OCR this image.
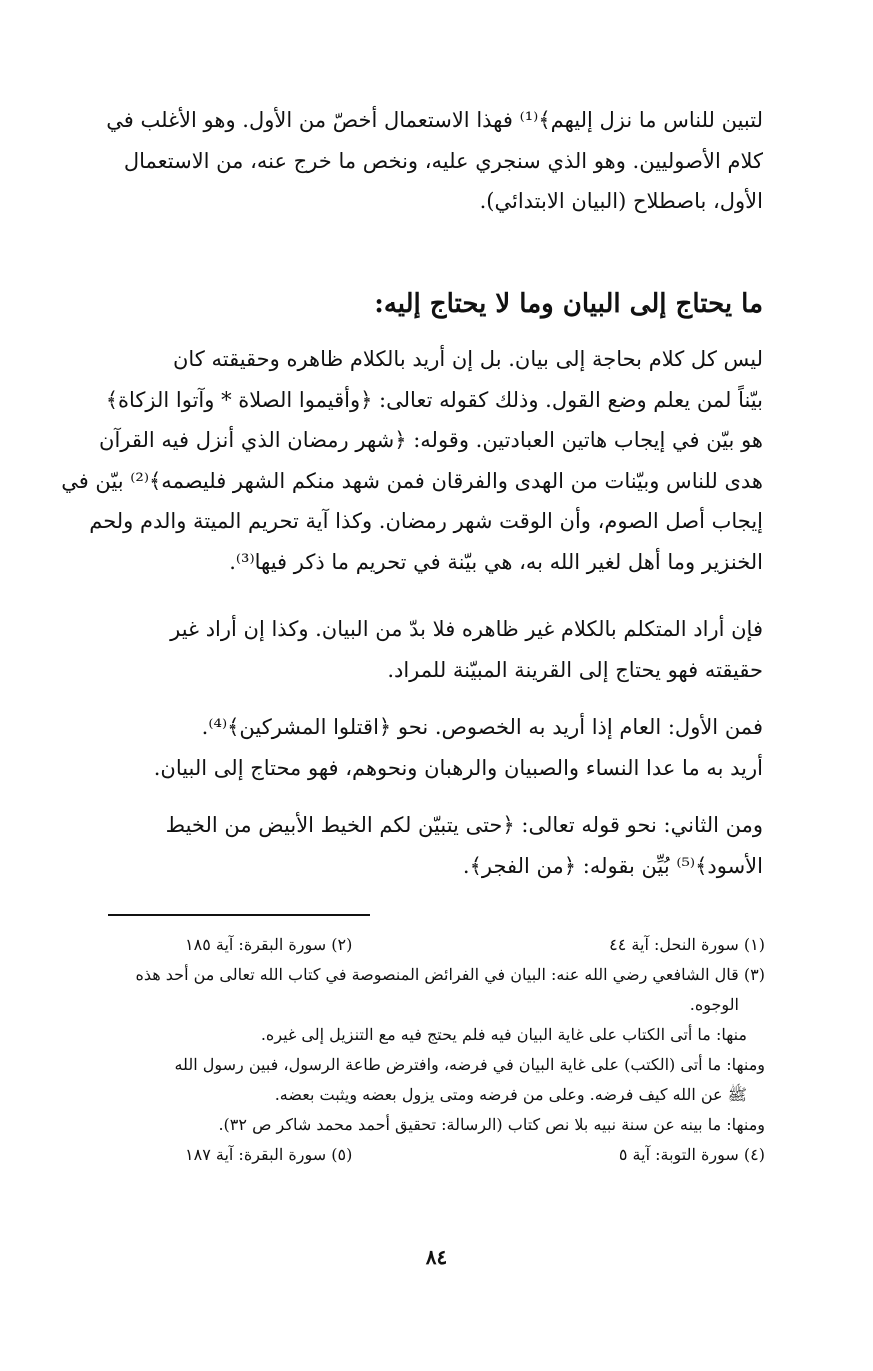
لتبين للناس ما نزل إليهم﴾⁽¹⁾ فهذا الاستعمال أخصّ من الأول. وهو الأغلب في
كلام الأصوليين. وهو الذي سنجري عليه، ونخص ما خرج عنه، من الاستعمال
الأول، باصطلاح (البيان الابتدائي).
ما يحتاج إلى البيان وما لا يحتاج إليه:
ليس كل كلام بحاجة إلى بيان. بل إن أريد بالكلام ظاهره وحقيقته كان
بيّناً لمن يعلم وضع القول. وذلك كقوله تعالى: ﴿وأقيموا الصلاة * وآتوا الزكاة﴾
هو بيّن في إيجاب هاتين العبادتين. وقوله: ﴿شهر رمضان الذي أنزل فيه القرآن
هدى للناس وبيّنات من الهدى والفرقان فمن شهد منكم الشهر فليصمه﴾⁽²⁾ بيّن في
إيجاب أصل الصوم، وأن الوقت شهر رمضان. وكذا آية تحريم الميتة والدم ولحم
الخنزير وما أهل لغير الله به، هي بيّنة في تحريم ما ذكر فيها⁽³⁾.
فإن أراد المتكلم بالكلام غير ظاهره فلا بدّ من البيان. وكذا إن أراد غير
حقيقته فهو يحتاج إلى القرينة المبيّنة للمراد.
فمن الأول: العام إذا أريد به الخصوص. نحو ﴿اقتلوا المشركين﴾⁽⁴⁾.
أريد به ما عدا النساء والصبيان والرهبان ونحوهم، فهو محتاج إلى البيان.
ومن الثاني: نحو قوله تعالى: ﴿حتى يتبيّن لكم الخيط الأبيض من الخيط
الأسود﴾⁽⁵⁾ بُيِّن بقوله: ﴿من الفجر﴾.
(١) سورة النحل: آية ٤٤
(٢) سورة البقرة: آية ١٨٥
(٣) قال الشافعي رضي الله عنه: البيان في الفرائض المنصوصة في كتاب الله تعالى من أحد هذه
الوجوه.
منها: ما أتى الكتاب على غاية البيان فيه فلم يحتج فيه مع التنزيل إلى غيره.
ومنها: ما أتى (الكتب) على غاية البيان في فرضه، وافترض طاعة الرسول، فبين رسول الله
ﷺ عن الله كيف فرضه. وعلى من فرضه ومتى يزول بعضه ويثبت بعضه.
ومنها: ما بينه عن سنة نبيه بلا نص كتاب (الرسالة: تحقيق أحمد محمد شاكر ص ٣٢).
(٤) سورة التوبة: آية ٥
(٥) سورة البقرة: آية ١٨٧
٨٤
